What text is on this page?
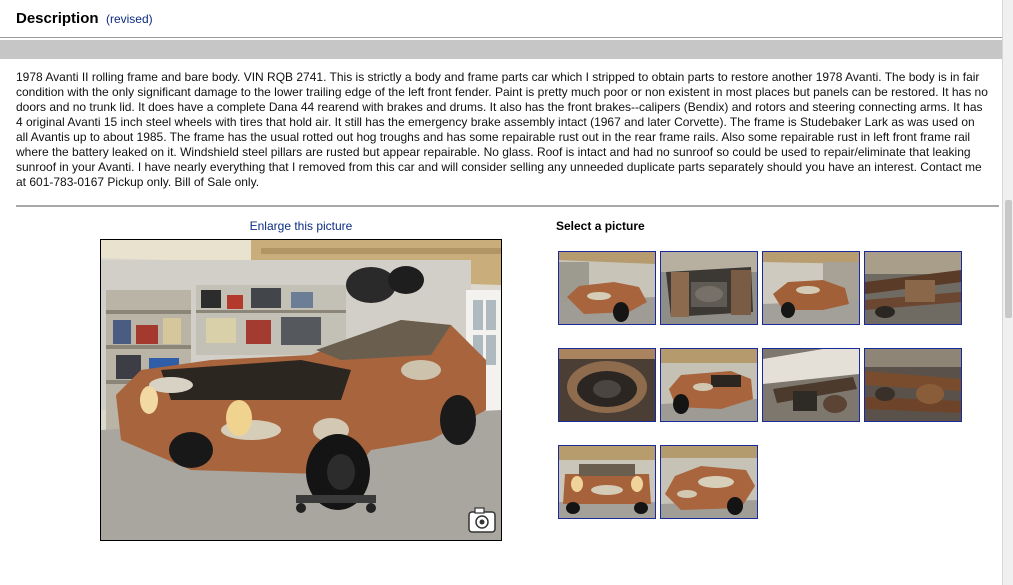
Description (revised)

1978 Avanti II rolling frame and bare body. VIN RQB 2741. This is strictly a body and frame parts car which I stripped to obtain parts to restore another 1978 Avanti. The body is in fair condition with the only significant damage to the lower trailing edge of the left front fender. Paint is pretty much poor or non existent in most places but panels can be restored. It has no doors and no trunk lid. It does have a complete Dana 44 rearend with brakes and drums. It also has the front brakes--calipers (Bendix) and rotors and steering connecting arms. It has 4 original Avanti 15 inch steel wheels with tires that hold air. It still has the emergency brake assembly intact (1967 and later Corvette). The frame is Studebaker Lark as was used on all Avantis up to about 1985. The frame has the usual rotted out hog troughs and has some repairable rust out in the rear frame rails. Also some repairable rust in left front frame rail where the battery leaked on it. Windshield steel pillars are rusted but appear repairable. No glass. Roof is intact and had no sunroof so could be used to repair/eliminate that leaking sunroof in your Avanti. I have nearly everything that I removed from this car and will consider selling any unneeded duplicate parts separately should you have an interest. Contact me at 601-783-0167 Pickup only. Bill of Sale only.

Enlarge this picture	Select a picture
